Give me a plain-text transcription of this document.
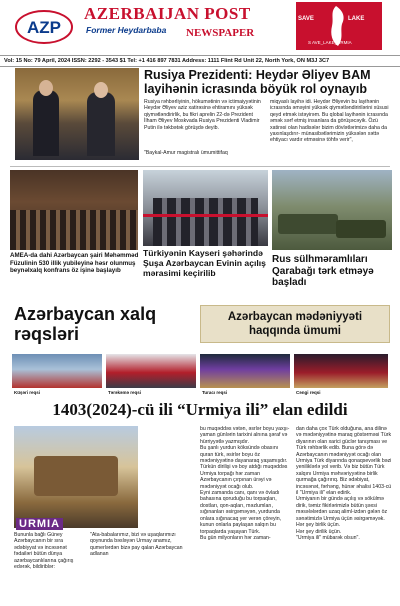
AZP
AZERBAIJAN POST
Former Heydarbaba NEWSPAPER
SAVE	LAKE
S AVE_LAKE_URMIA
Vol: 15 No: 79 April, 2024 ISSN: 2292 - 3543 $1 Tel: +1 416 897 7831 Address: 1111 Flint Rd Unit 22, North York, ON M3J 3C7
Rusiya Prezidenti: Heydər Əliyev BAM layihənin icrasında böyük rol oynayıb
Rusiya rəhbərliyinin, hökumətinin və ictimaiyyətinin Heydər Əliyev aziz xatirəsinə ehtiramını yüksək qiymətləndirirlik, bu fikri aprelin 22-də Prezident İlham Əliyev Moskvada Rusiya Prezidenti Vladimir Putin ilə təkbətək görüşdə deyib.
"Baykal-Amur magistralı ümumittifaq
miqyaslı layihə idi. Heydər Əliyevin bu layihənin icrasında əməyini yüksək qiymətləndiririlərini xüsusi qeyd etmək istəyirəm. Bu qlobal layihənin icrasında əmək sərf etmiş insanlara da görüşəcəyik. Özü xatirəsi olan hadisələr bizim dövlətlərimizə daha da yaxınlaşdırır- münasibətlərimizin yüksələn xəttə ehtiyacı vardır etməsinə töhfə verir",
AMEA-da dahi Azərbaycan şairi Məhəmməd Füzulinin 530 illik yubileyinə həsr olunmuş beynəlxalq konfrans öz işinə başlayıb
Türkiyənin Kayseri şəhərində Şuşa Azərbaycan Evinin açılış mərasimi keçirilib
Rus sülhməramlıları Qarabağı tərk etməyə başladı
Azərbaycan xalq rəqsləri
Azərbaycan mədəniyyəti haqqında ümumi
Küşəri reqsi	Tərəkəmə reqsi	Turacı reqsi	Cəngi reqsi
1403(2024)-cü ili “Urmiya ili” elan edildi
URMIA
Bununla bağlı Güney Azərbaycanın bir sıra ədəbiyyat və incəsənət fədailəri bütün dünya azərbaycanlılarına çağırış edərək, bildiriblər:
"Ata-babalarımız, bizi və uşaqlarımızı qoynunda bəsləyən Urmay anamız, qumerlərdən bizə pay qalan Azərbaycan adlanan
bu muqəddəs vətən, əsrlər boyu yaxşı-yaman günlərin tarixini alnına şəraf və hürriyyətlə yazmışdır.
Bu şanlı yurdun köksündə obasını quran türk, əsirlər boyu öz mədəniyyətinə dayanaraq yaşamışdır. Türkün dirilişi və boy atdığı muqəddəs Urmiya torpağı hər zaman Azərbaycanın çırpınan ürəyi və mədəniyyət ocağı olub.
Eyni zamanda canı, qanı və övladı bahasına qoruduğu bu torpaqları, dostları, qon-aqları, məzlumları, sığınanları əsirgəməyən, yurdunda onlara sığınacaq yer verən çöreyin, kunun onlarla paylaşan xalqın bu torpaqlarda yaşayan Türk.
Bu gün milyonların hər zaman-
dan daha çox Türk olduğuna, ana dilinə və mədəniyyətinə maraq göstərməsi Türk diyarının olan xarici güclər tanışması ve Türk rəhbərlik edib. Buna görə də Azərbaycanın mədəniyyət ocağı olan Urmiya Türk diyarında qonaqsevərlik bəzi yeniliklərlə yol verib. Və biz bütün Türk xalqını Urmiya məhvəriyyətinə birlik qurmağa çağırırıq. Biz ədəbiyat, incəsənət, fərhəng, hünər əhalisi 1403-cü il "Urmiya ili" elan edirik.
Urmiyanın bir gündə açılış və sökülmə dirik, təmiz fikirlərimizlə bütün şəxsi məsələlərdən uzaq aliml-izdən gələn öz sənətimizlə Urmiya üçün əsirgəməyək.
Hər şey birlik üçün.
Hər şey dirilik üçün.
"Urmiya ili" mübarək olsun".
